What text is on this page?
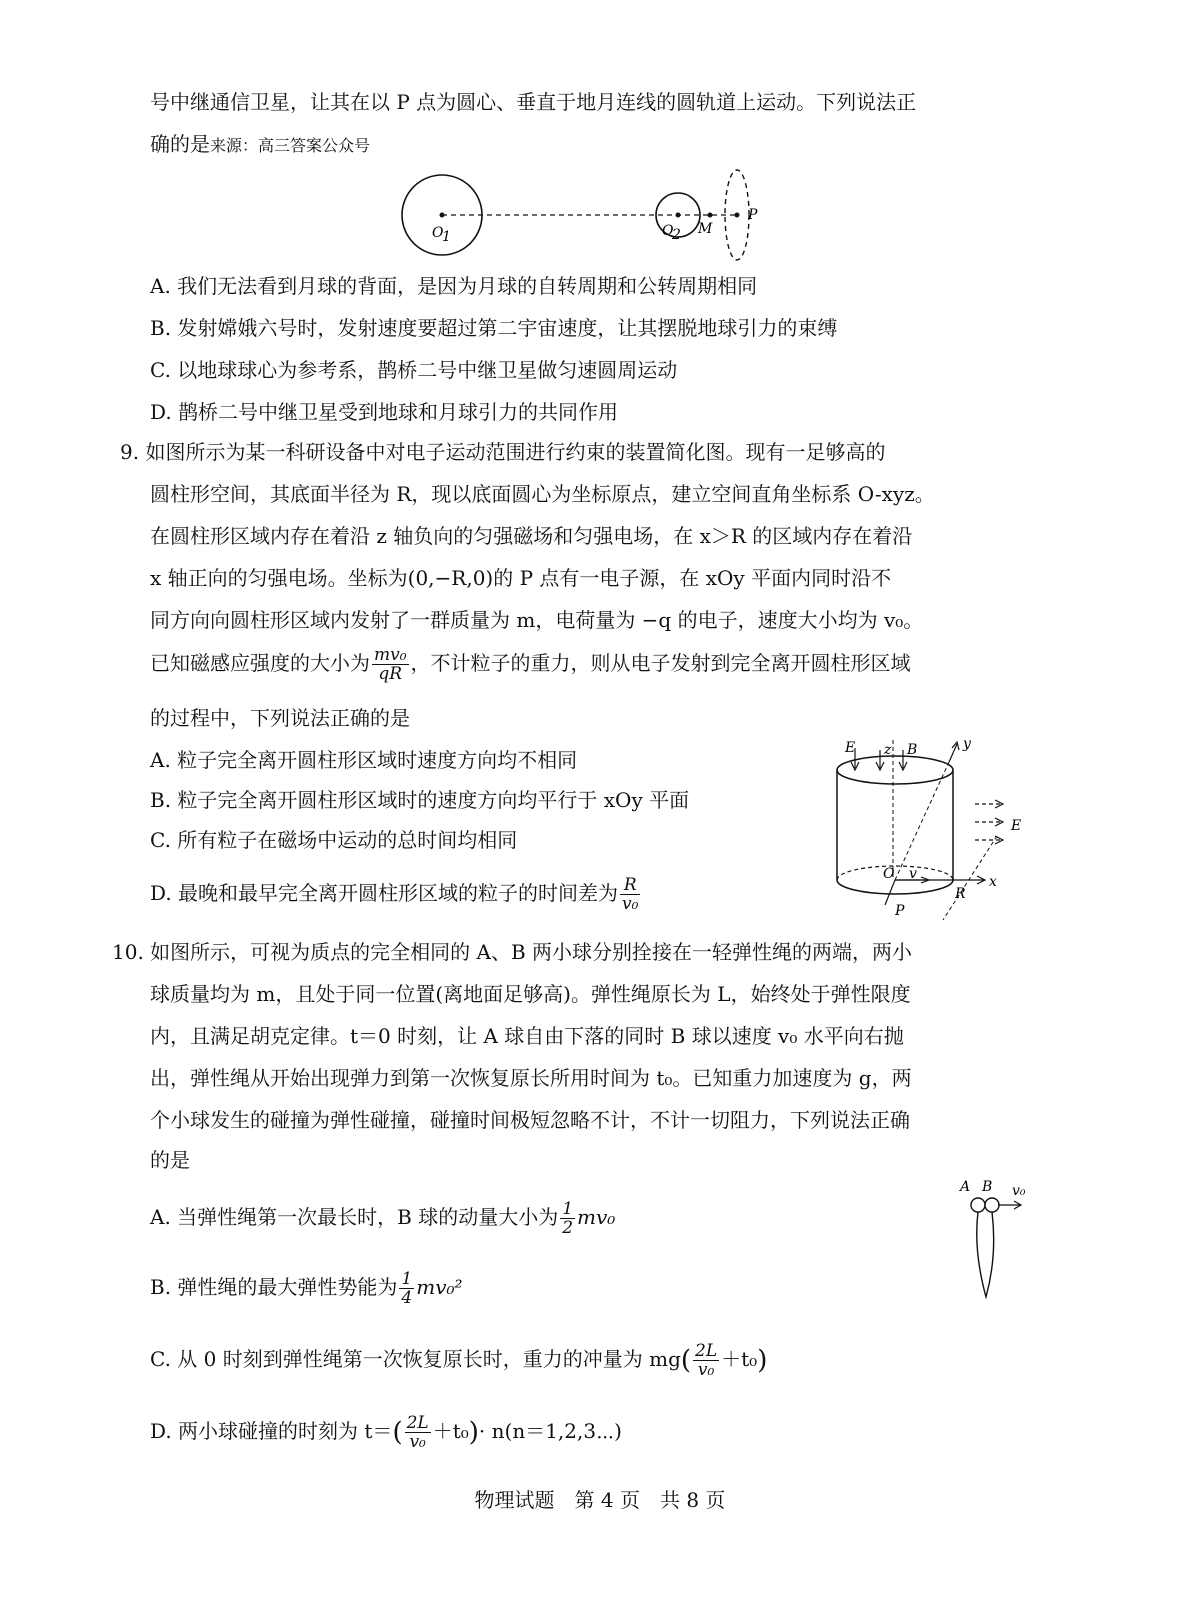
号中继通信卫星，让其在以 P 点为圆心、垂直于地月连线的圆轨道上运动。下列说法正
确的是来源：高三答案公众号
O
1	O
2 M
P
A. 我们无法看到月球的背面，是因为月球的自转周期和公转周期相同
B. 发射嫦娥六号时，发射速度要超过第二宇宙速度，让其摆脱地球引力的束缚
C. 以地球球心为参考系，鹊桥二号中继卫星做匀速圆周运动
D. 鹊桥二号中继卫星受到地球和月球引力的共同作用
9. 如图所示为某一科研设备中对电子运动范围进行约束的装置简化图。现有一足够高的
圆柱形空间，其底面半径为 R，现以底面圆心为坐标原点，建立空间直角坐标系 O-xyz。
在圆柱形区域内存在着沿 z 轴负向的匀强磁场和匀强电场，在 x＞R 的区域内存在着沿
x 轴正向的匀强电场。坐标为(0,−R,0)的 P 点有一电子源，在 xOy 平面内同时沿不
同方向向圆柱形区域内发射了一群质量为 m，电荷量为 −q 的电子，速度大小均为 v₀。
已知磁感应强度的大小为 $\frac{\text{mv₀}}{qR}$ ，不计粒子的重力，则从电子发射到完全离开圆柱形区域
的过程中，下列说法正确的是
A. 粒子完全离开圆柱形区域时速度方向均不相同
B. 粒子完全离开圆柱形区域时的速度方向均平行于 xOy 平面
C. 所有粒子在磁场中运动的总时间均相同
D. 最晚和最早完全离开圆柱形区域的粒子的时间差为 $\frac{R}{\text{v₀}}$
E z B	y
E
O v	x
P
R
10. 如图所示，可视为质点的完全相同的 A、B 两小球分别拴接在一轻弹性绳的两端，两小
球质量均为 m，且处于同一位置(离地面足够高)。弹性绳原长为 L，始终处于弹性限度
内，且满足胡克定律。t＝0 时刻，让 A 球自由下落的同时 B 球以速度 v₀ 水平向右抛
出，弹性绳从开始出现弹力到第一次恢复原长所用时间为 t₀。已知重力加速度为 g，两
个小球发生的碰撞为弹性碰撞，碰撞时间极短忽略不计，不计一切阻力，下列说法正确
的是
A. 当弹性绳第一次最长时，B 球的动量大小为 $\frac{1}{2} mv_0$
B. 弹性绳的最大弹性势能为 $\frac{1}{4} mv_0^2$
C. 从 0 时刻到弹性绳第一次恢复原长时，重力的冲量为 $mg( \frac{2L}{\text{v₀}} +t_0)$
D. 两小球碰撞的时刻为 $t=( \frac{2L}{\text{v₀}} +t_0)\cdot$ n(n＝1,2,3⋯)
A B v₀
物理试题　第 4 页　共 8 页
